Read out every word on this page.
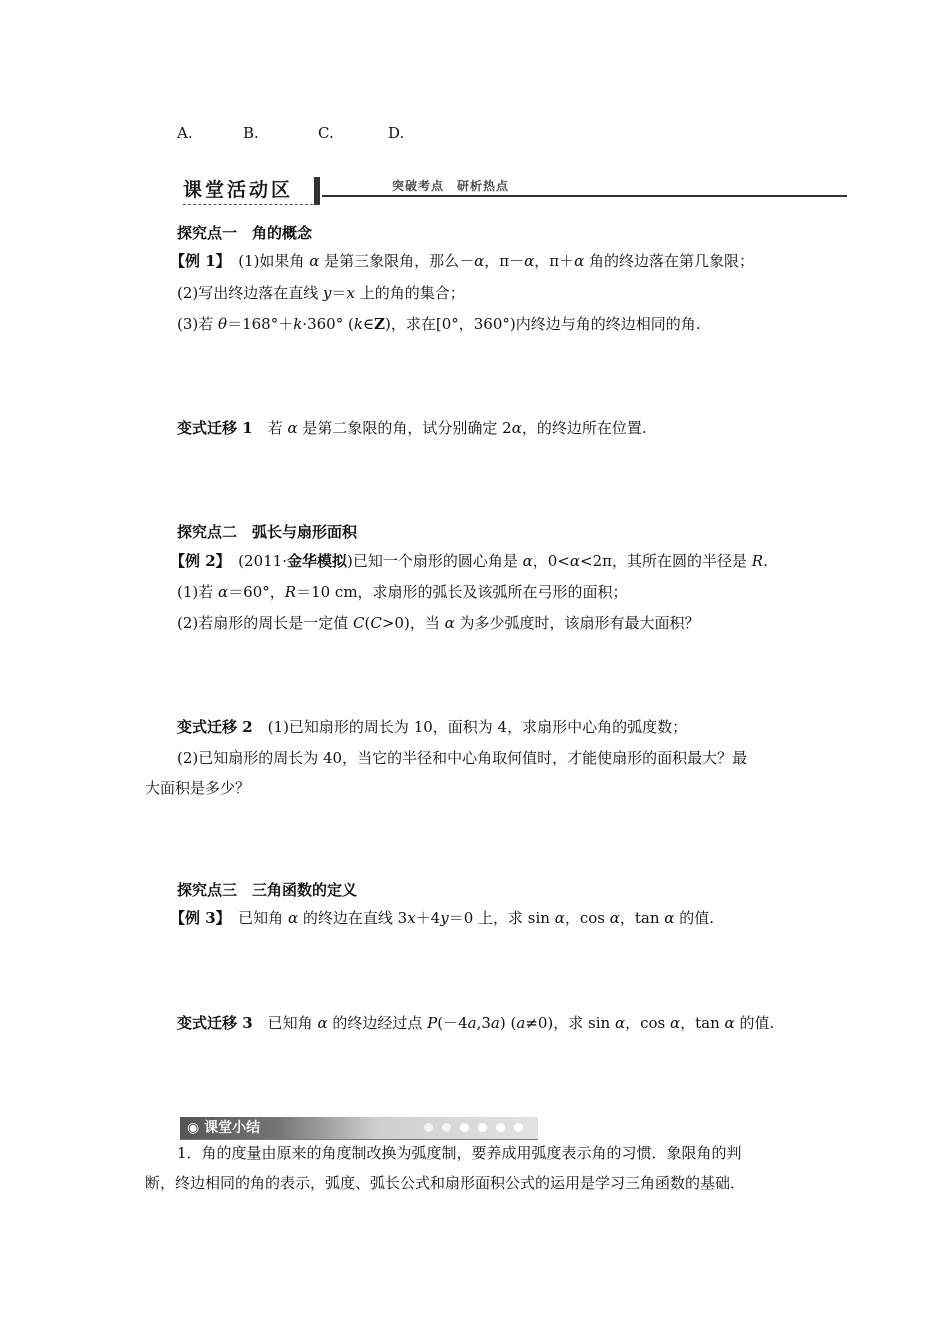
A.	B.	C.	D.
课堂活动区	突破考点　研析热点
探究点一　角的概念
【例 1】　 (1)如果角 α 是第三象限角，那么－α，π－α，π＋α 角的终边落在第几象限；
(2)写出终边落在直线 y＝x 上的角的集合；
(3)若 θ＝168°＋k·360° (k∈Z)，求在[0°，360°)内终边与角的终边相同的角.
变式迁移 1　若 α 是第二象限的角，试分别确定 2α，的终边所在位置.
探究点二　弧长与扇形面积
【例 2】　(2011·金华模拟)已知一个扇形的圆心角是 α，0<α<2π，其所在圆的半径是 R.
(1)若 α＝60°，R＝10 cm，求扇形的弧长及该弧所在弓形的面积；
(2)若扇形的周长是一定值 C(C>0)，当 α 为多少弧度时，该扇形有最大面积？
变式迁移 2　(1)已知扇形的周长为 10，面积为 4，求扇形中心角的弧度数；
(2)已知扇形的周长为 40，当它的半径和中心角取何值时，才能使扇形的面积最大？最
大面积是多少？
探究点三　三角函数的定义
【例 3】　已知角 α 的终边在直线 3x＋4y＝0 上，求 sin α，cos α，tan α 的值.
变式迁移 3　已知角 α 的终边经过点 P(－4a,3a) (a≠0)，求 sin α，cos α，tan α 的值.
◉ 课堂小结
1．角的度量由原来的角度制改换为弧度制，要养成用弧度表示角的习惯．象限角的判
断，终边相同的角的表示，弧度、弧长公式和扇形面积公式的运用是学习三角函数的基础．
